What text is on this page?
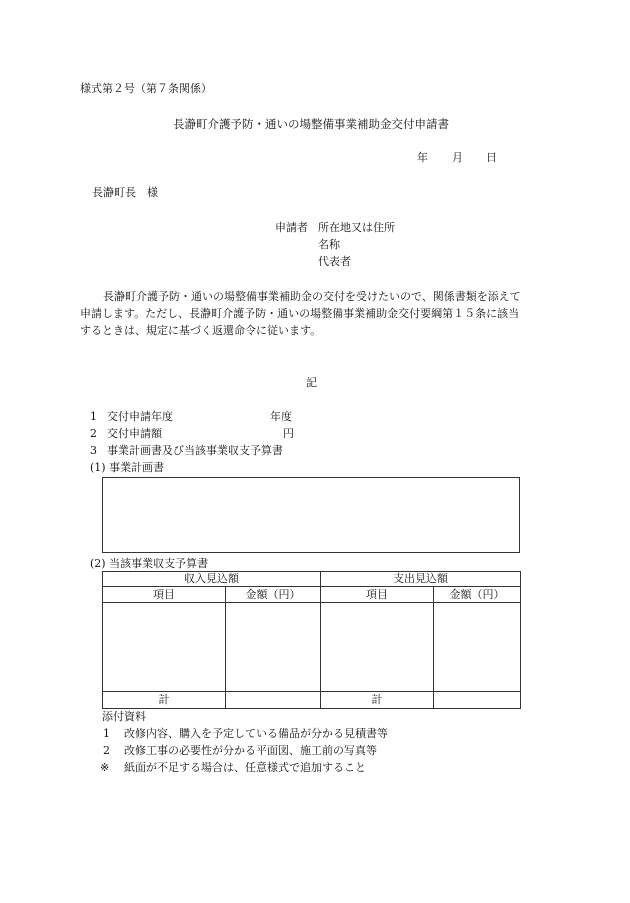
様式第２号（第７条関係）
長瀞町介護予防・通いの場整備事業補助金交付申請書
年 月 日
長瀞町長　様
申請者 所在地又は住所
名称
代表者
長瀞町介護予防・通いの場整備事業補助金の交付を受けたいので、関係書類を添えて
申請します。ただし、長瀞町介護予防・通いの場整備事業補助金交付要綱第１５条に該当
するときは、規定に基づく返還命令に従います。
記
1 交付申請年度	年度
2 交付申請額	円
3 事業計画書及び当該事業収支予算書
(1) 事業計画書
(2) 当該事業収支予算書
収入見込額		支出見込額	
項目	金額（円）	項目	金額（円）

計		計	
添付資料
1 改修内容、購入を予定している備品が分かる見積書等
2 改修工事の必要性が分かる平面図、施工前の写真等
※ 紙面が不足する場合は、任意様式で追加すること
